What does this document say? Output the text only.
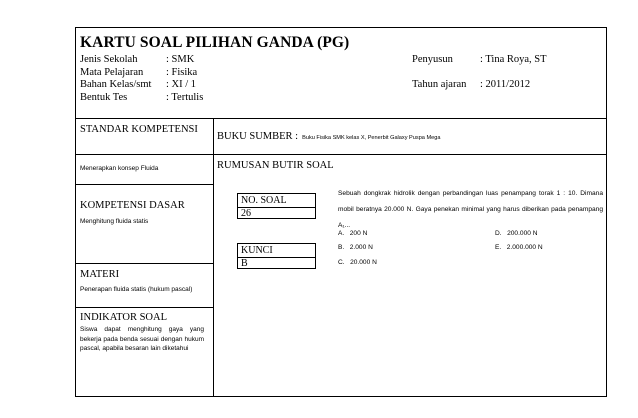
KARTU SOAL PILIHAN GANDA (PG)
Jenis Sekolah	: SMK
Mata Pelajaran : Fisika
Bahan Kelas/smt : XI / 1
Bentuk Tes	: Tertulis
Penyusun	: Tina Roya, ST
Tahun ajaran : 2011/2012
STANDAR KOMPETENSI
Menerapkan konsep Fluida
KOMPETENSI DASAR
Menghitung fluida statis
MATERI
Penerapan fluida statis (hukum pascal)
INDIKATOR SOAL
Siswa dapat menghitung gaya yang bekerja pada benda sesuai dengan hukum pascal, apabila besaran lain diketahui
BUKU SUMBER : Buku Fisika SMK kelas X, Penerbit Galaxy Puspa Mega
RUMUSAN BUTIR SOAL
NO. SOAL
26
KUNCI
B
Sebuah dongkrak hidrolik dengan perbandingan luas penampang torak 1 : 10. Dimana mobil beratnya 20.000 N. Gaya penekan minimal yang harus diberikan pada penampang A₁...
A. 200 N
B. 2.000 N
C. 20.000 N
D. 200.000 N
E. 2.000.000 N
